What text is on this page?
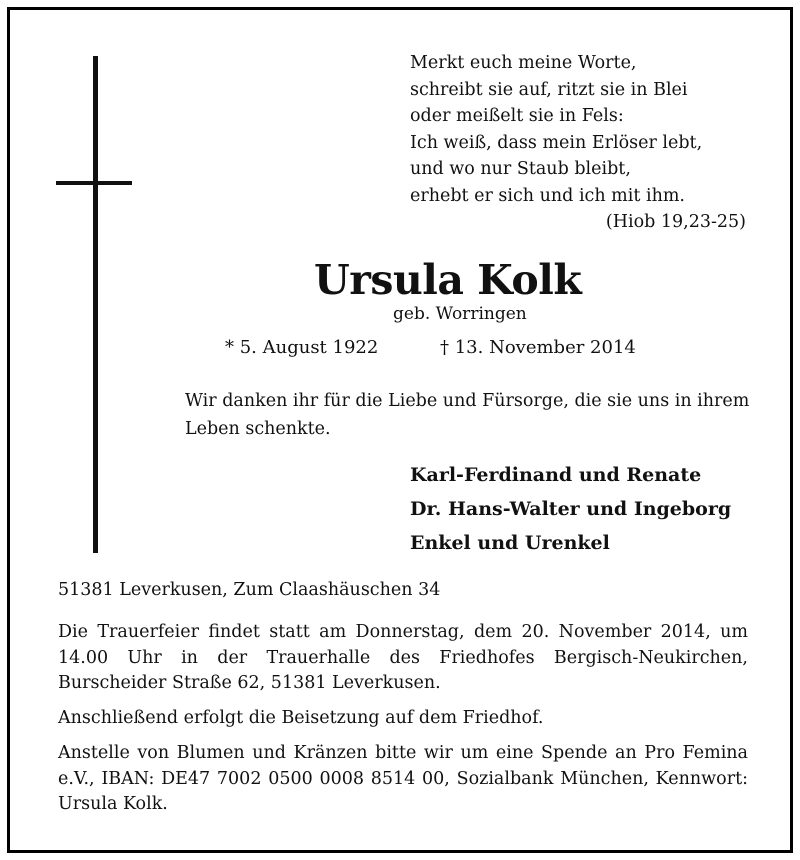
Merkt euch meine Worte,
schreibt sie auf, ritzt sie in Blei
oder meißelt sie in Fels:
Ich weiß, dass mein Erlöser lebt,
und wo nur Staub bleibt,
erhebt er sich und ich mit ihm.
(Hiob 19,23-25)
Ursula Kolk
geb. Worringen
* 5. August 1922	† 13. November 2014
Wir danken ihr für die Liebe und Fürsorge, die sie uns in ihrem Leben schenkte.
Karl-Ferdinand und Renate
Dr. Hans-Walter und Ingeborg
Enkel und Urenkel
51381 Leverkusen, Zum Claashäuschen 34
Die Trauerfeier findet statt am Donnerstag, dem 20. November 2014, um 14.00 Uhr in der Trauerhalle des Friedhofes Bergisch-Neukirchen, Burscheider Straße 62, 51381 Leverkusen.
Anschließend erfolgt die Beisetzung auf dem Friedhof.
Anstelle von Blumen und Kränzen bitte wir um eine Spende an Pro Femina e.V., IBAN: DE47 7002 0500 0008 8514 00, Sozialbank München, Kennwort: Ursula Kolk.
